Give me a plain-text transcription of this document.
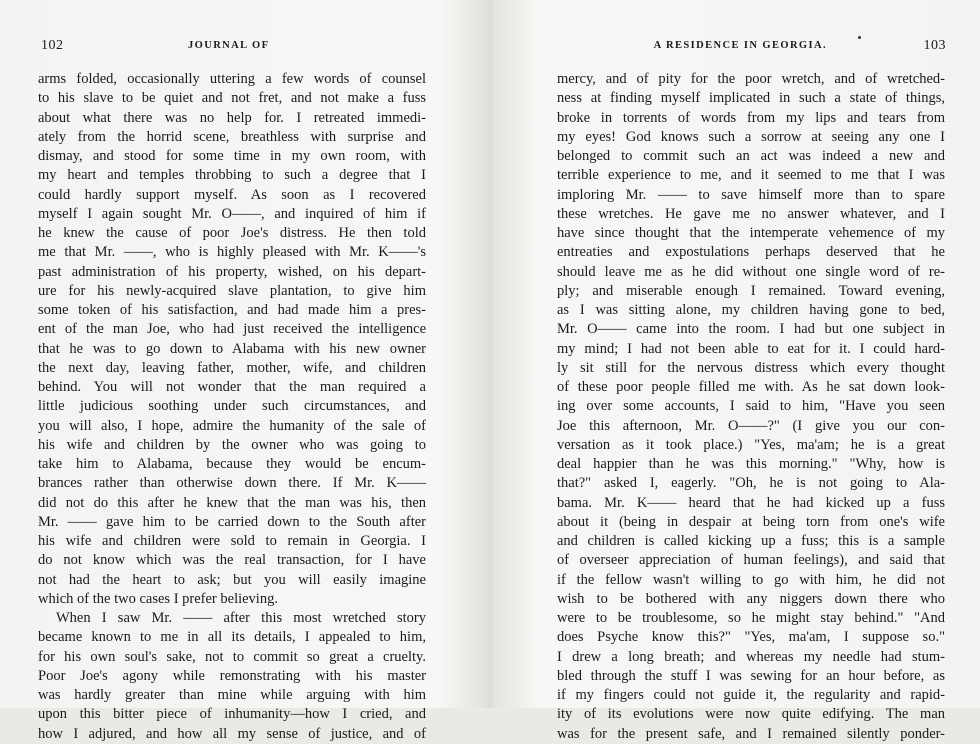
102	JOURNAL OF
arms folded, occasionally uttering a few words of counsel
to his slave to be quiet and not fret, and not make a fuss
about what there was no help for. I retreated immedi-
ately from the horrid scene, breathless with surprise and
dismay, and stood for some time in my own room, with
my heart and temples throbbing to such a degree that I
could hardly support myself. As soon as I recovered
myself I again sought Mr. O——, and inquired of him if
he knew the cause of poor Joe's distress. He then told
me that Mr. ——, who is highly pleased with Mr. K——'s
past administration of his property, wished, on his depart-
ure for his newly-acquired slave plantation, to give him
some token of his satisfaction, and had made him a pres-
ent of the man Joe, who had just received the intelligence
that he was to go down to Alabama with his new owner
the next day, leaving father, mother, wife, and children
behind. You will not wonder that the man required a
little judicious soothing under such circumstances, and
you will also, I hope, admire the humanity of the sale of
his wife and children by the owner who was going to
take him to Alabama, because they would be encum-
brances rather than otherwise down there. If Mr. K——
did not do this after he knew that the man was his, then
Mr. —— gave him to be carried down to the South after
his wife and children were sold to remain in Georgia. I
do not know which was the real transaction, for I have
not had the heart to ask; but you will easily imagine
which of the two cases I prefer believing.
When I saw Mr. —— after this most wretched story
became known to me in all its details, I appealed to him,
for his own soul's sake, not to commit so great a cruelty.
Poor Joe's agony while remonstrating with his master
was hardly greater than mine while arguing with him
upon this bitter piece of inhumanity—how I cried, and
how I adjured, and how all my sense of justice, and of
A RESIDENCE IN GEORGIA.	103
mercy, and of pity for the poor wretch, and of wretched-
ness at finding myself implicated in such a state of things,
broke in torrents of words from my lips and tears from
my eyes! God knows such a sorrow at seeing any one I
belonged to commit such an act was indeed a new and
terrible experience to me, and it seemed to me that I was
imploring Mr. —— to save himself more than to spare
these wretches. He gave me no answer whatever, and I
have since thought that the intemperate vehemence of my
entreaties and expostulations perhaps deserved that he
should leave me as he did without one single word of re-
ply; and miserable enough I remained. Toward evening,
as I was sitting alone, my children having gone to bed,
Mr. O—— came into the room. I had but one subject in
my mind; I had not been able to eat for it. I could hard-
ly sit still for the nervous distress which every thought
of these poor people filled me with. As he sat down look-
ing over some accounts, I said to him, "Have you seen
Joe this afternoon, Mr. O——?" (I give you our con-
versation as it took place.) "Yes, ma'am; he is a great
deal happier than he was this morning." "Why, how is
that?" asked I, eagerly. "Oh, he is not going to Ala-
bama. Mr. K—— heard that he had kicked up a fuss
about it (being in despair at being torn from one's wife
and children is called kicking up a fuss; this is a sample
of overseer appreciation of human feelings), and said that
if the fellow wasn't willing to go with him, he did not
wish to be bothered with any niggers down there who
were to be troublesome, so he might stay behind." "And
does Psyche know this?" "Yes, ma'am, I suppose so."
I drew a long breath; and whereas my needle had stum-
bled through the stuff I was sewing for an hour before, as
if my fingers could not guide it, the regularity and rapid-
ity of its evolutions were now quite edifying. The man
was for the present safe, and I remained silently ponder-
